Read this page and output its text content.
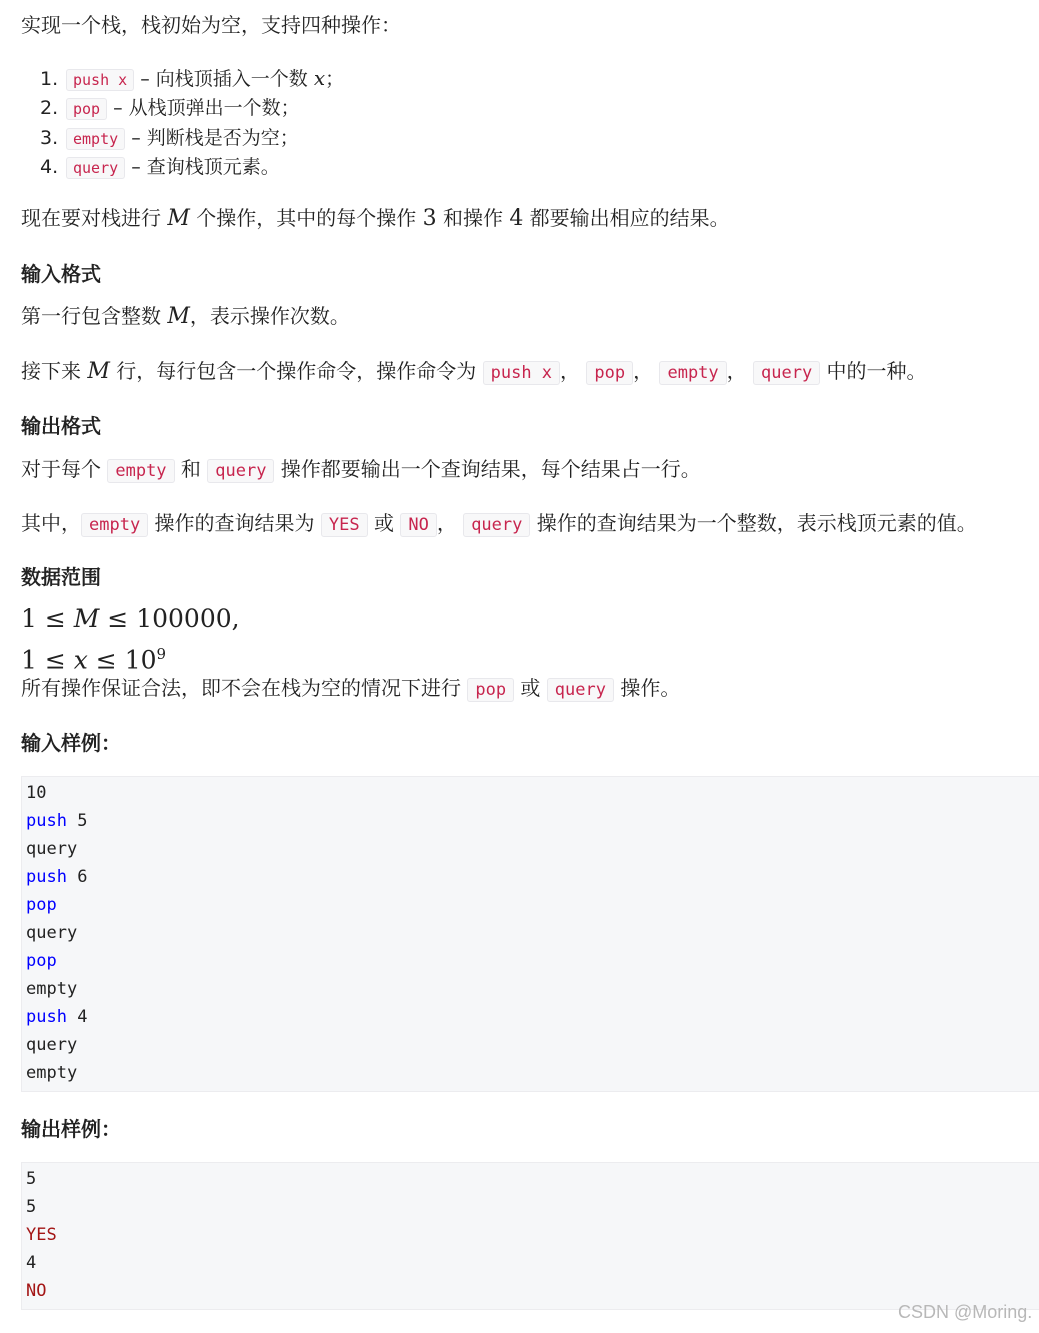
实现一个栈，栈初始为空，支持四种操作：
1. push x – 向栈顶插入一个数 x；
2. pop – 从栈顶弹出一个数；
3. empty – 判断栈是否为空；
4. query – 查询栈顶元素。
现在要对栈进行 M 个操作，其中的每个操作 3 和操作 4 都要输出相应的结果。
输入格式
第一行包含整数 M，表示操作次数。
接下来 M 行，每行包含一个操作命令，操作命令为 push x ， pop ， empty ， query 中的一种。
输出格式
对于每个 empty 和 query 操作都要输出一个查询结果，每个结果占一行。
其中， empty 操作的查询结果为 YES 或 NO ， query 操作的查询结果为一个整数，表示栈顶元素的值。
数据范围
1 ≤ M ≤ 100000,
$1 \le x \le 10^9$
所有操作保证合法，即不会在栈为空的情况下进行 pop 或 query 操作。
输入样例：
10
push 5
query
push 6
pop
query
pop
empty
push 4
query
empty
输出样例：
5
5
YES
4
NO
CSDN @Moring.
